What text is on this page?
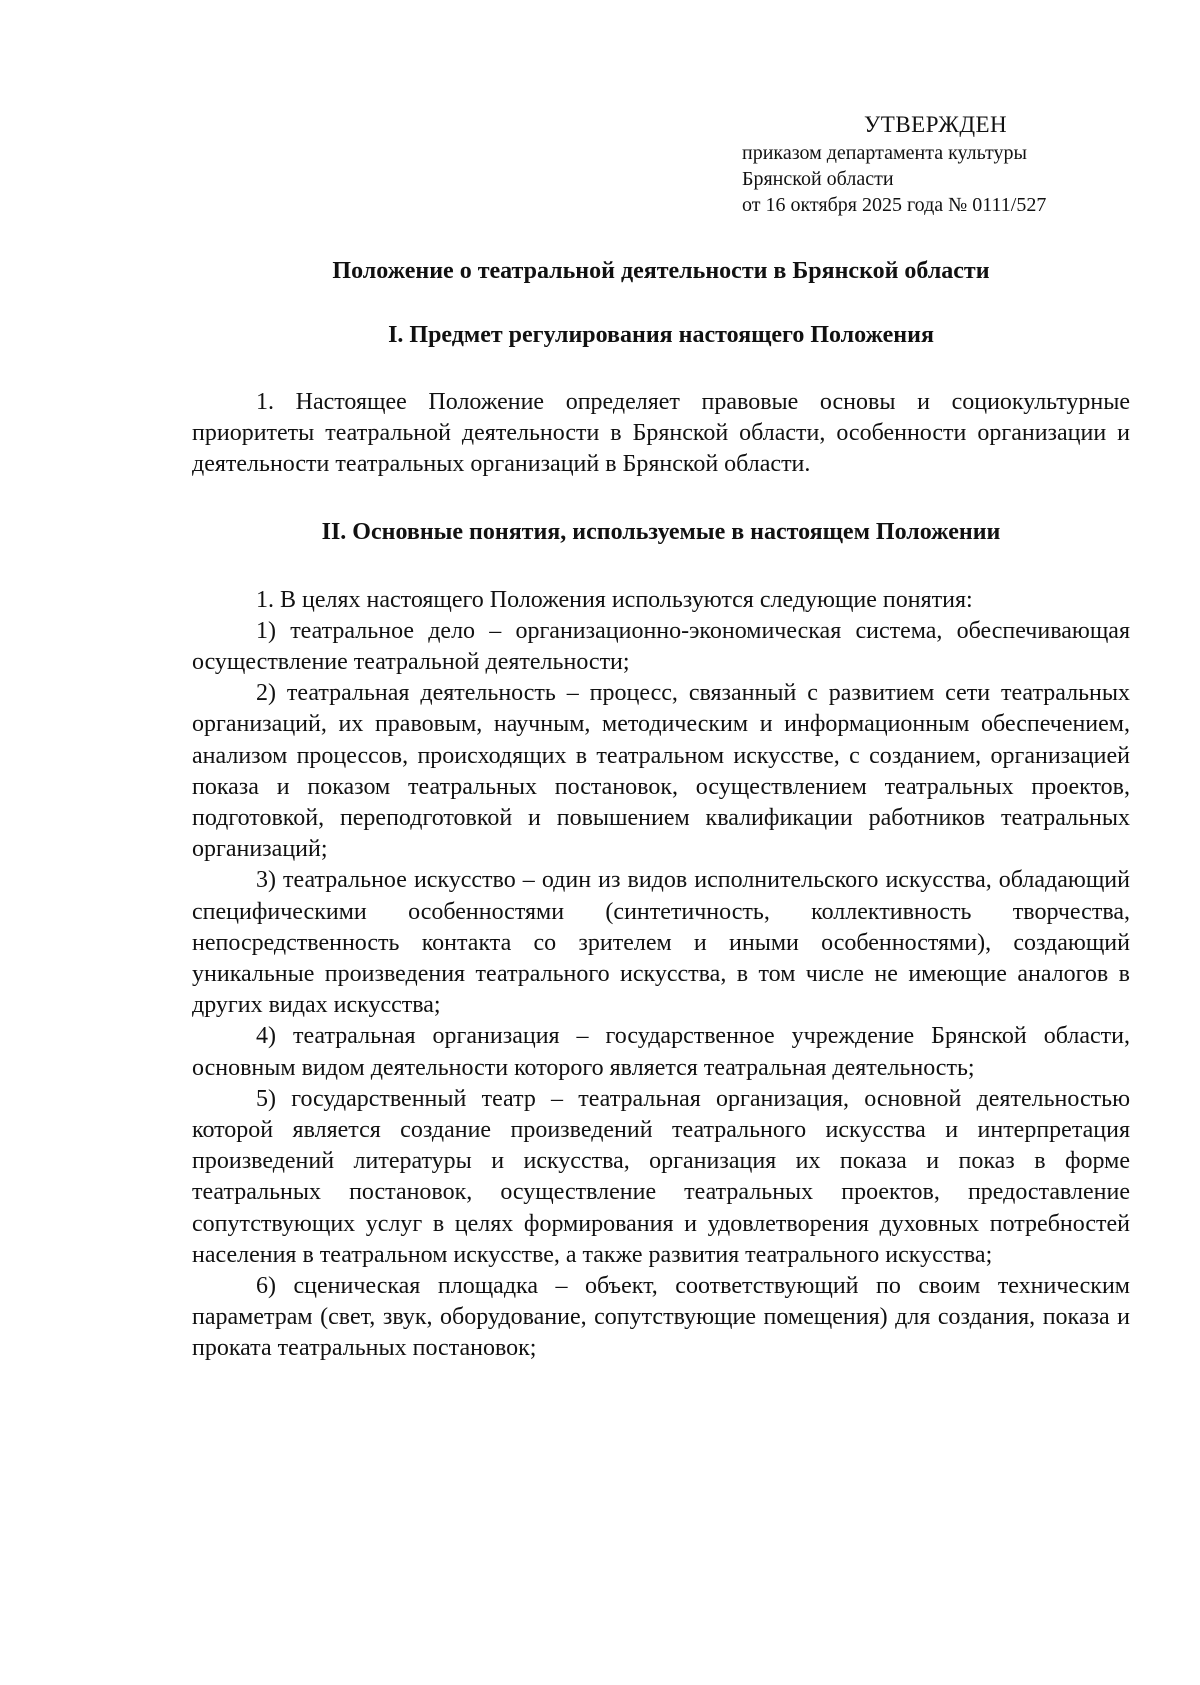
УТВЕРЖДЕН
приказом департамента культуры
Брянской области
от 16 октября 2025 года № 0111/527
Положение о театральной деятельности в Брянской области
I. Предмет регулирования настоящего Положения

1. Настоящее Положение определяет правовые основы и социокультурные приоритеты театральной деятельности в Брянской области, особенности организации и деятельности театральных организаций в Брянской области.

II. Основные понятия, используемые в настоящем Положении

1. В целях настоящего Положения используются следующие понятия:

1) театральное дело – организационно-экономическая система, обеспечивающая осуществление театральной деятельности;

2) театральная деятельность – процесс, связанный с развитием сети театральных организаций, их правовым, научным, методическим и информационным обеспечением, анализом процессов, происходящих в театральном искусстве, с созданием, организацией показа и показом театральных постановок, осуществлением театральных проектов, подготовкой, переподготовкой и повышением квалификации работников театральных организаций;

3) театральное искусство – один из видов исполнительского искусства, обладающий специфическими особенностями (синтетичность, коллективность творчества, непосредственность контакта со зрителем и иными особенностями), создающий уникальные произведения театрального искусства, в том числе не имеющие аналогов в других видах искусства;

4) театральная организация – государственное учреждение Брянской области, основным видом деятельности которого является театральная деятельность;

5) государственный театр – театральная организация, основной деятельностью которой является создание произведений театрального искусства и интерпретация произведений литературы и искусства, организация их показа и показ в форме театральных постановок, осуществление театральных проектов, предоставление сопутствующих услуг в целях формирования и удовлетворения духовных потребностей населения в театральном искусстве, а также развития театрального искусства;

6) сценическая площадка – объект, соответствующий по своим техническим параметрам (свет, звук, оборудование, сопутствующие помещения) для создания, показа и проката театральных постановок;
